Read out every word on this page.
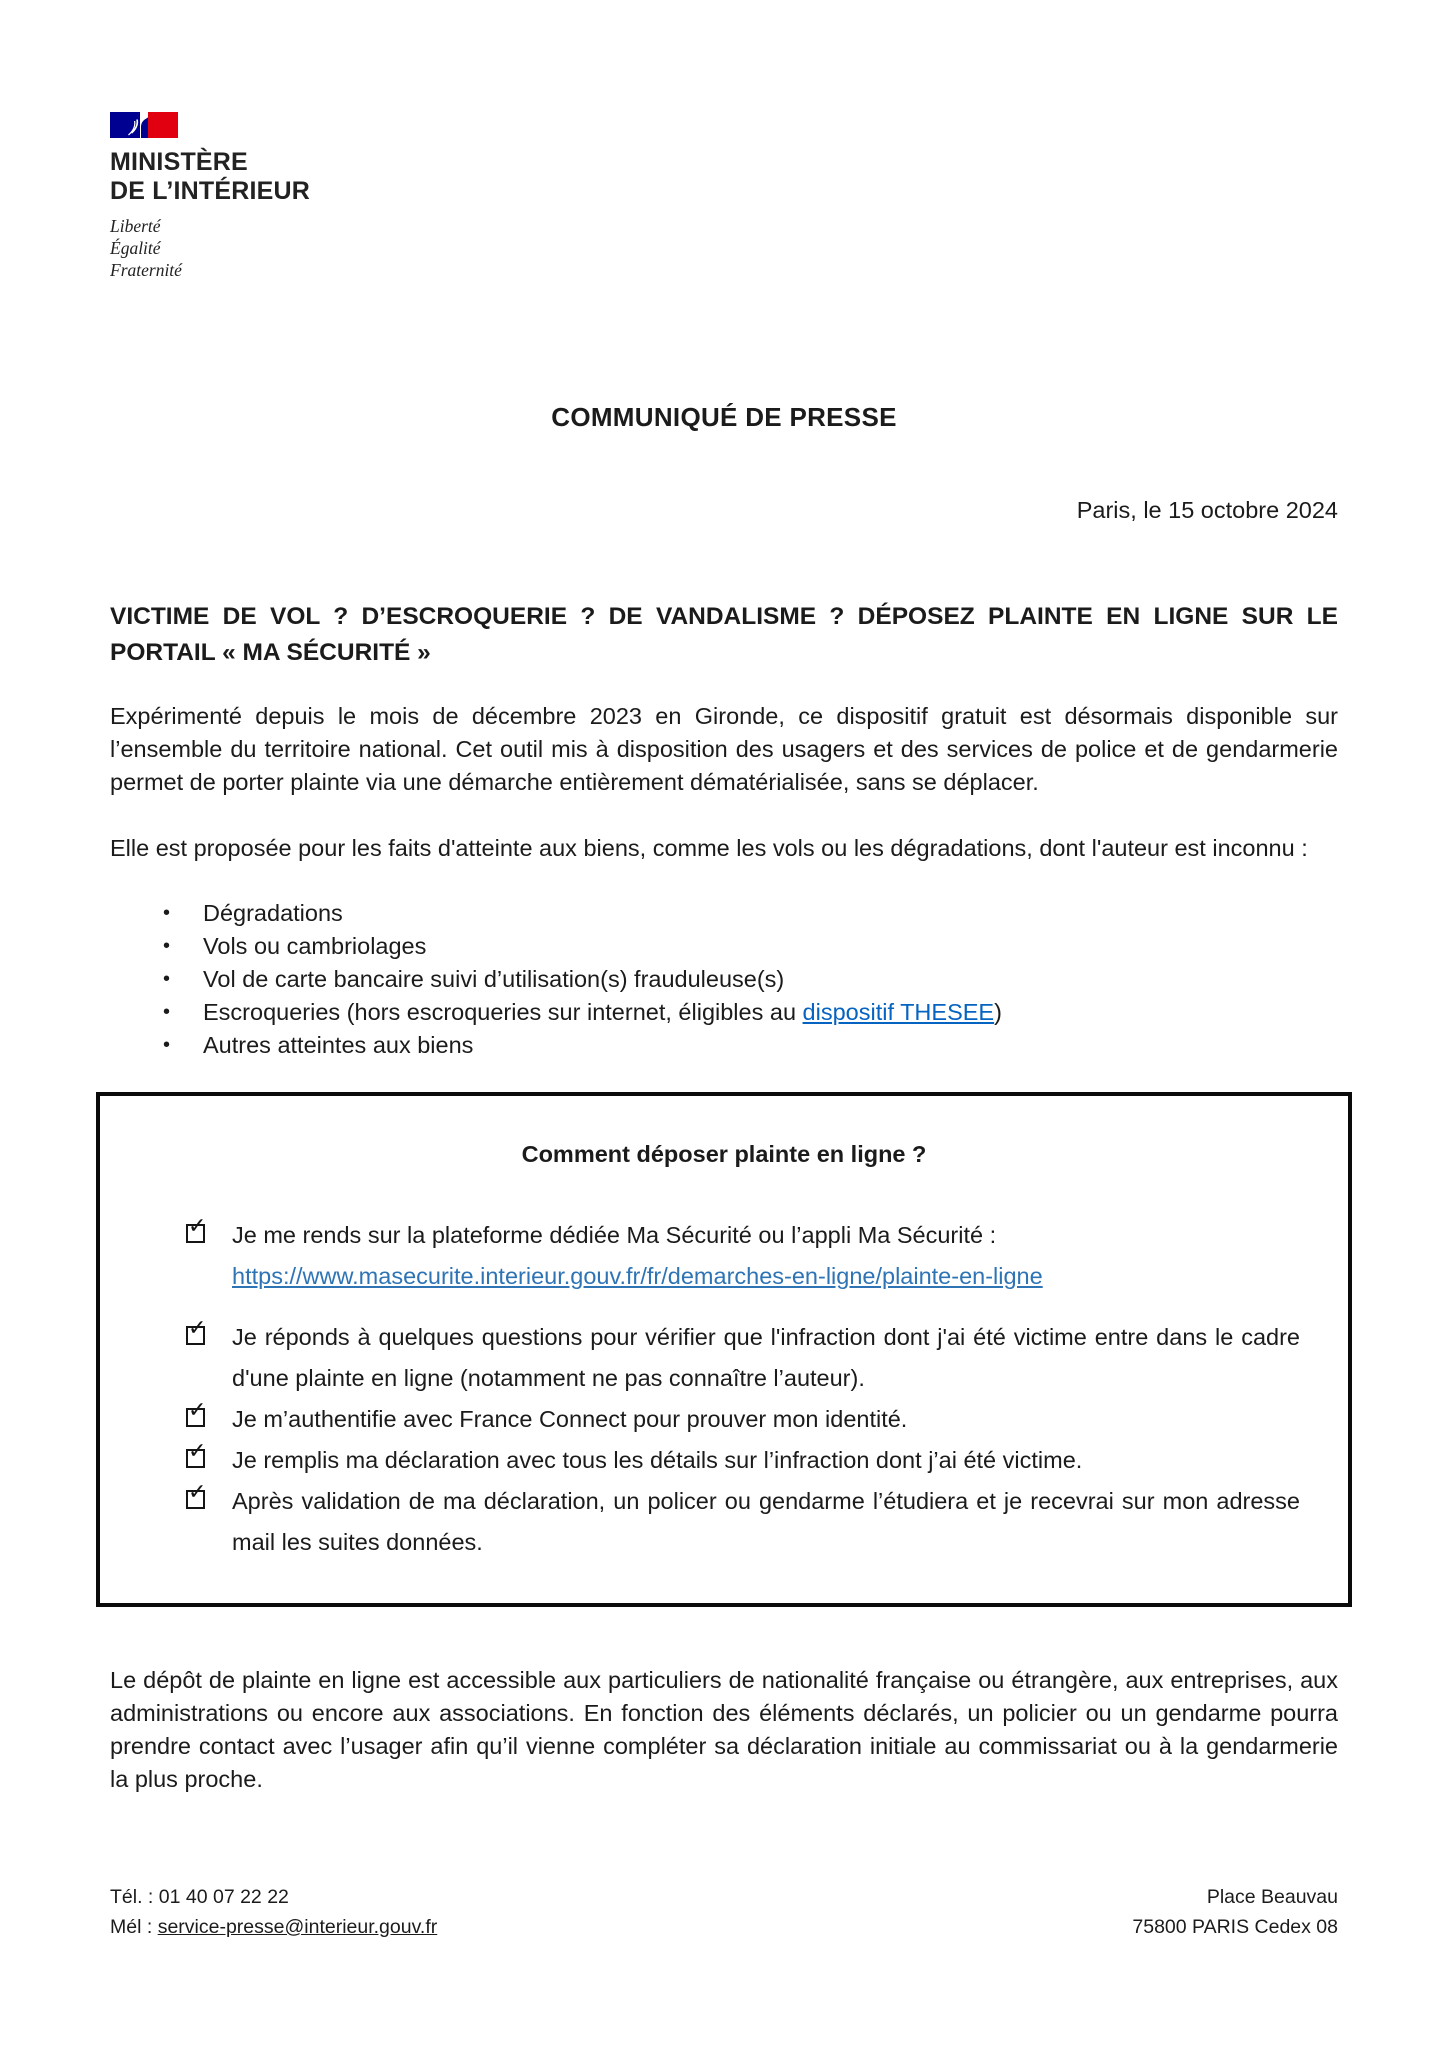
MINISTÈRE
DE L’INTÉRIEUR
Liberté
Égalité
Fraternité
COMMUNIQUÉ DE PRESSE
Paris, le 15 octobre 2024
VICTIME DE VOL ? D’ESCROQUERIE ? DE VANDALISME ? DÉPOSEZ PLAINTE EN LIGNE SUR LE PORTAIL « MA SÉCURITÉ »

Expérimenté depuis le mois de décembre 2023 en Gironde, ce dispositif gratuit est désormais disponible sur l’ensemble du territoire national. Cet outil mis à disposition des usagers et des services de police et de gendarmerie permet de porter plainte via une démarche entièrement dématérialisée, sans se déplacer.

Elle est proposée pour les faits d'atteinte aux biens, comme les vols ou les dégradations, dont l'auteur est inconnu :

•	Dégradations
•	Vols ou cambriolages
•	Vol de carte bancaire suivi d’utilisation(s) frauduleuse(s)
•	Escroqueries (hors escroqueries sur internet, éligibles au dispositif THESEE)
•	Autres atteintes aux biens
Comment déposer plainte en ligne ?
✓ Je me rends sur la plateforme dédiée Ma Sécurité ou l’appli Ma Sécurité :
https://www.masecurite.interieur.gouv.fr/fr/demarches-en-ligne/plainte-en-ligne
✓ Je réponds à quelques questions pour vérifier que l'infraction dont j'ai été victime entre dans le cadre d'une plainte en ligne (notamment ne pas connaître l’auteur).
✓ Je m’authentifie avec France Connect pour prouver mon identité.
✓ Je remplis ma déclaration avec tous les détails sur l’infraction dont j’ai été victime.
✓ Après validation de ma déclaration, un policer ou gendarme l’étudiera et je recevrai sur mon adresse mail les suites données.

Le dépôt de plainte en ligne est accessible aux particuliers de nationalité française ou étrangère, aux entreprises, aux administrations ou encore aux associations. En fonction des éléments déclarés, un policier ou un gendarme pourra prendre contact avec l’usager afin qu’il vienne compléter sa déclaration initiale au commissariat ou à la gendarmerie la plus proche.

Tél. : 01 40 07 22 22
Mél : service-presse@interieur.gouv.fr
Place Beauvau
75800 PARIS Cedex 08
